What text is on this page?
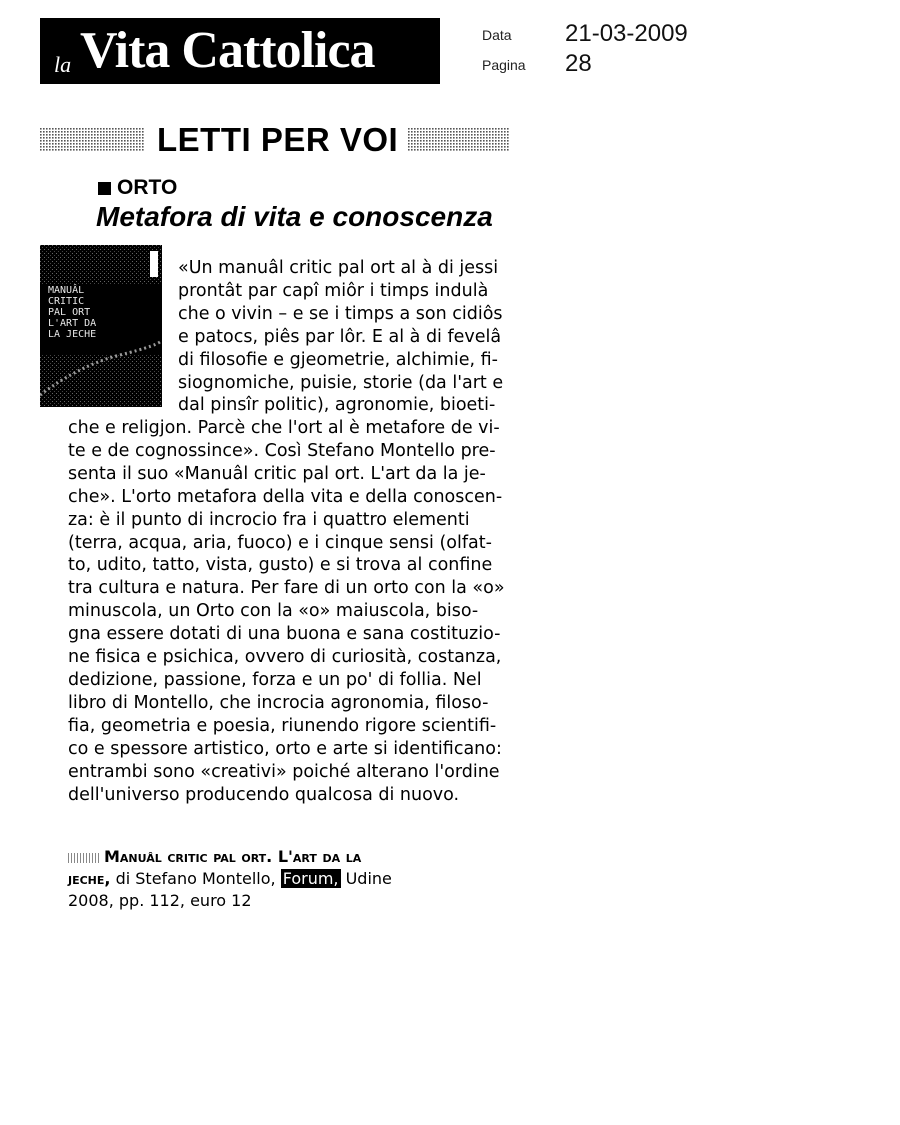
la Vita Cattolica	Data 21-03-2009
Pagina 28
LETTI PER VOI
ORTO
Metafora di vita e conoscenza
MANUÂL
CRITIC
PAL ORT
L'ART DA
LA JECHE
«Un manuâl critic pal ort al à di jessi
prontât par capî miôr i timps indulà
che o vivin – e se i timps a son cidiôs
e patocs, piês par lôr. E al à di fevelâ
di filosofie e gjeometrie, alchimie, fi-
siognomiche, puisie, storie (da l'art e
dal pinsîr politic), agronomie, bioeti-
che e religjon. Parcè che l'ort al è metafore de vi-
te e de cognossince». Così Stefano Montello pre-
senta il suo «Manuâl critic pal ort. L'art da la je-
che». L'orto metafora della vita e della conoscen-
za: è il punto di incrocio fra i quattro elementi
(terra, acqua, aria, fuoco) e i cinque sensi (olfat-
to, udito, tatto, vista, gusto) e si trova al confine
tra cultura e natura. Per fare di un orto con la «o»
minuscola, un Orto con la «o» maiuscola, biso-
gna essere dotati di una buona e sana costituzio-
ne fisica e psichica, ovvero di curiosità, costanza,
dedizione, passione, forza e un po' di follia. Nel
libro di Montello, che incrocia agronomia, filoso-
fia, geometria e poesia, riunendo rigore scientifi-
co e spessore artistico, orto e arte si identificano:
entrambi sono «creativi» poiché alterano l'ordine
dell'universo producendo qualcosa di nuovo.
Manuâl critic pal ort. L'art da la
jeche, di Stefano Montello, Forum, Udine
2008, pp. 112, euro 12
